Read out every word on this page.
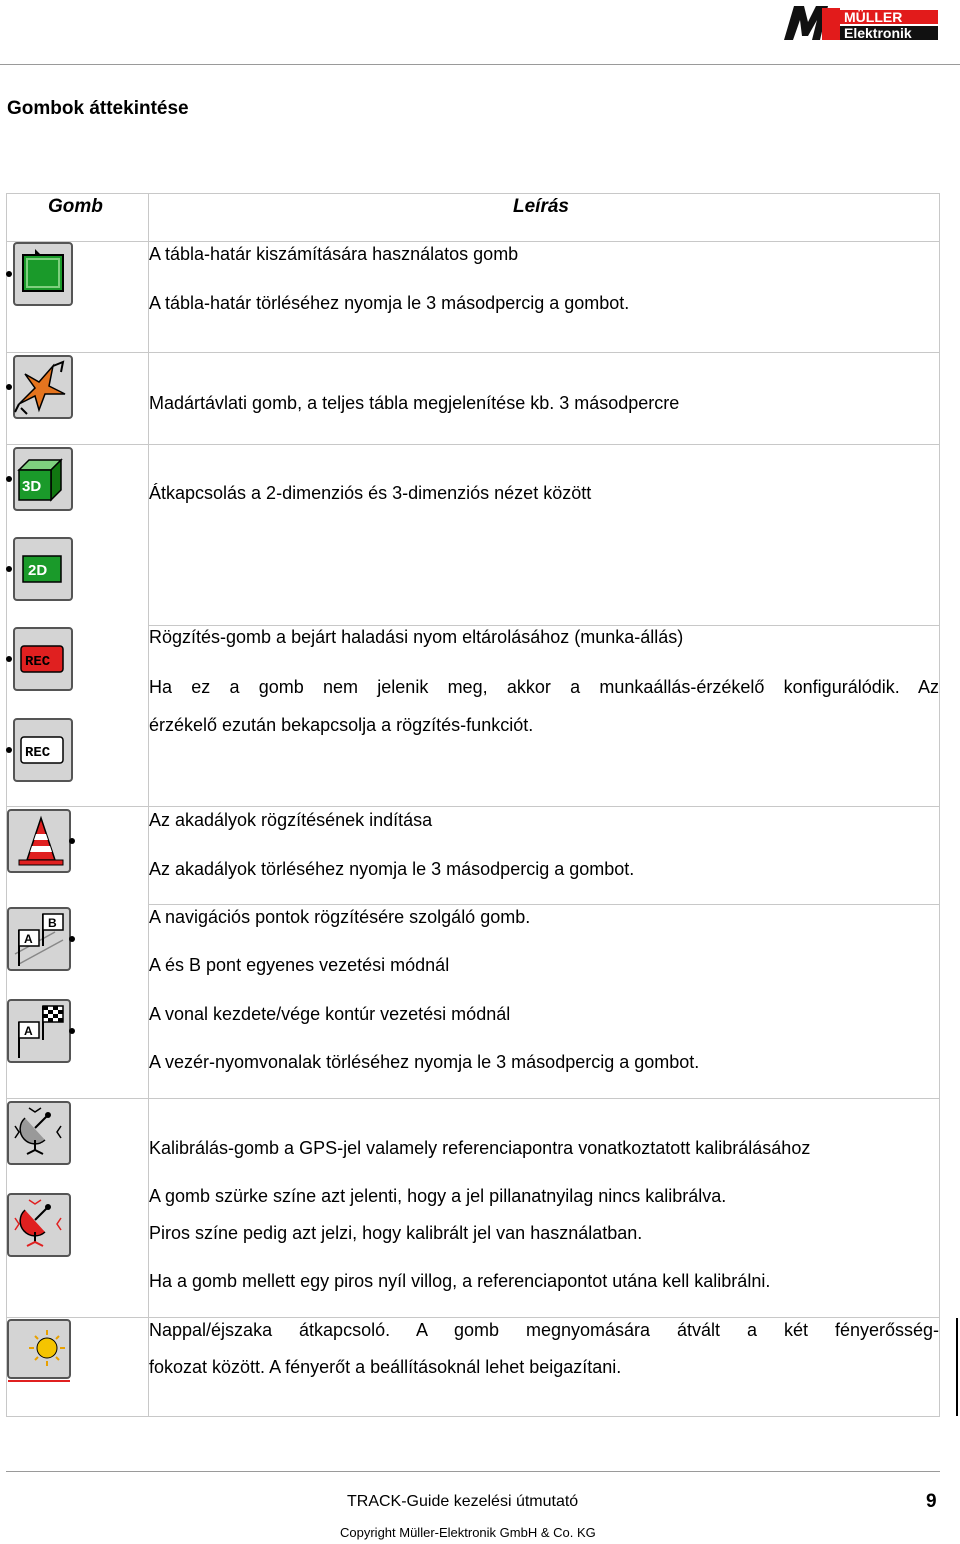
MÜLLER
Elektronik
Gombok áttekintése
Gomb	Leírás
3D
2D
REC
REC
B
A
A
A tábla-határ kiszámítására használatos gomb
A tábla-határ törléséhez nyomja le 3 másodpercig a gombot.
Madártávlati gomb, a teljes tábla megjelenítése kb. 3 másodpercre
Átkapcsolás a 2-dimenziós és 3-dimenziós nézet között
Rögzítés-gomb a bejárt haladási nyom eltárolásához (munka-állás)
Ha ez a gomb nem jelenik meg, akkor a munkaállás-érzékelő konfigurálódik. Az
érzékelő ezután bekapcsolja a rögzítés-funkciót.
Az akadályok rögzítésének indítása
Az akadályok törléséhez nyomja le 3 másodpercig a gombot.
A navigációs pontok rögzítésére szolgáló gomb.
A és B pont egyenes vezetési módnál
A vonal kezdete/vége kontúr vezetési módnál
A vezér-nyomvonalak törléséhez nyomja le 3 másodpercig a gombot.
Kalibrálás-gomb a GPS-jel valamely referenciapontra vonatkoztatott kalibrálásához
A gomb szürke színe azt jelenti, hogy a jel pillanatnyilag nincs kalibrálva.
Piros színe pedig azt jelzi, hogy kalibrált jel van használatban.
Ha a gomb mellett egy piros nyíl villog, a referenciapontot utána kell kalibrálni.
Nappal/éjszaka átkapcsoló. A gomb megnyomására átvált a két fényerősség-
fokozat között. A fényerőt a beállításoknál lehet beigazítani.
TRACK-Guide kezelési útmutató	9
Copyright Müller-Elektronik GmbH & Co. KG
